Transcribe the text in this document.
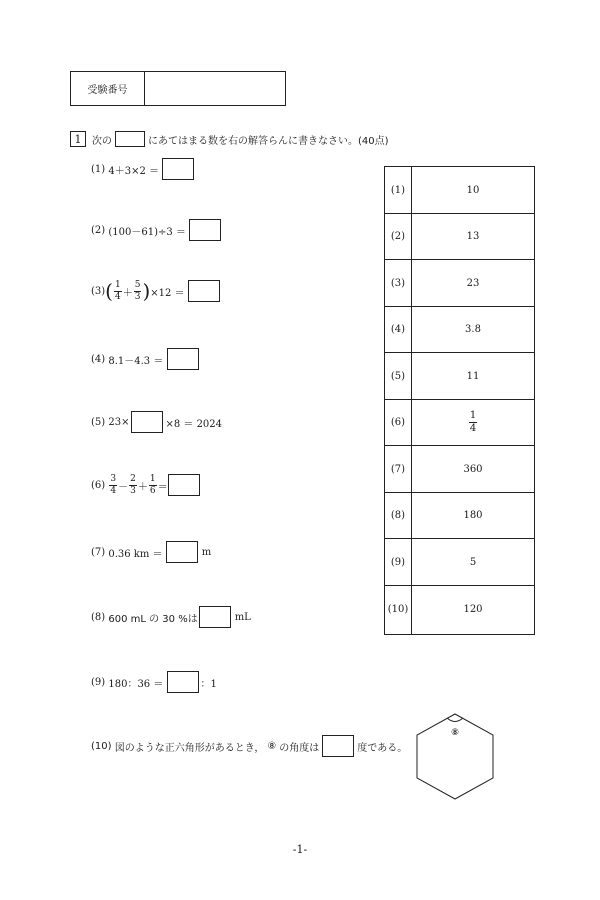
受験番号
1	次の	にあてはまる数を右の解答らんに書きなさい。(40点)
(1)
4＋3×2 ＝

(2)
(100－61)÷3 ＝

(3) ( $\frac{1}{4} + \frac{5}{3}$ ) ×12 ＝

(4)
8.1－4.3 ＝

(5)
23×	×8 ＝ 2024
(6)
$\frac{3}{4} - \frac{2}{3} + \frac{1}{6}$ ＝
(7)
0.36 km ＝
	m
(8)
600 mL の 30 %は	mL
(9)
180：36 ＝
	：1
(10)
図のような正六角形があるとき， ⑧ の角度は	度である。
⑧
(1)	10
(2)	13
(3)	23
(4)	3.8
(5)	11
(6)	$\frac{1}{4}$
(7)	360
(8)	180
(9)	5
(10)	120
-1-
